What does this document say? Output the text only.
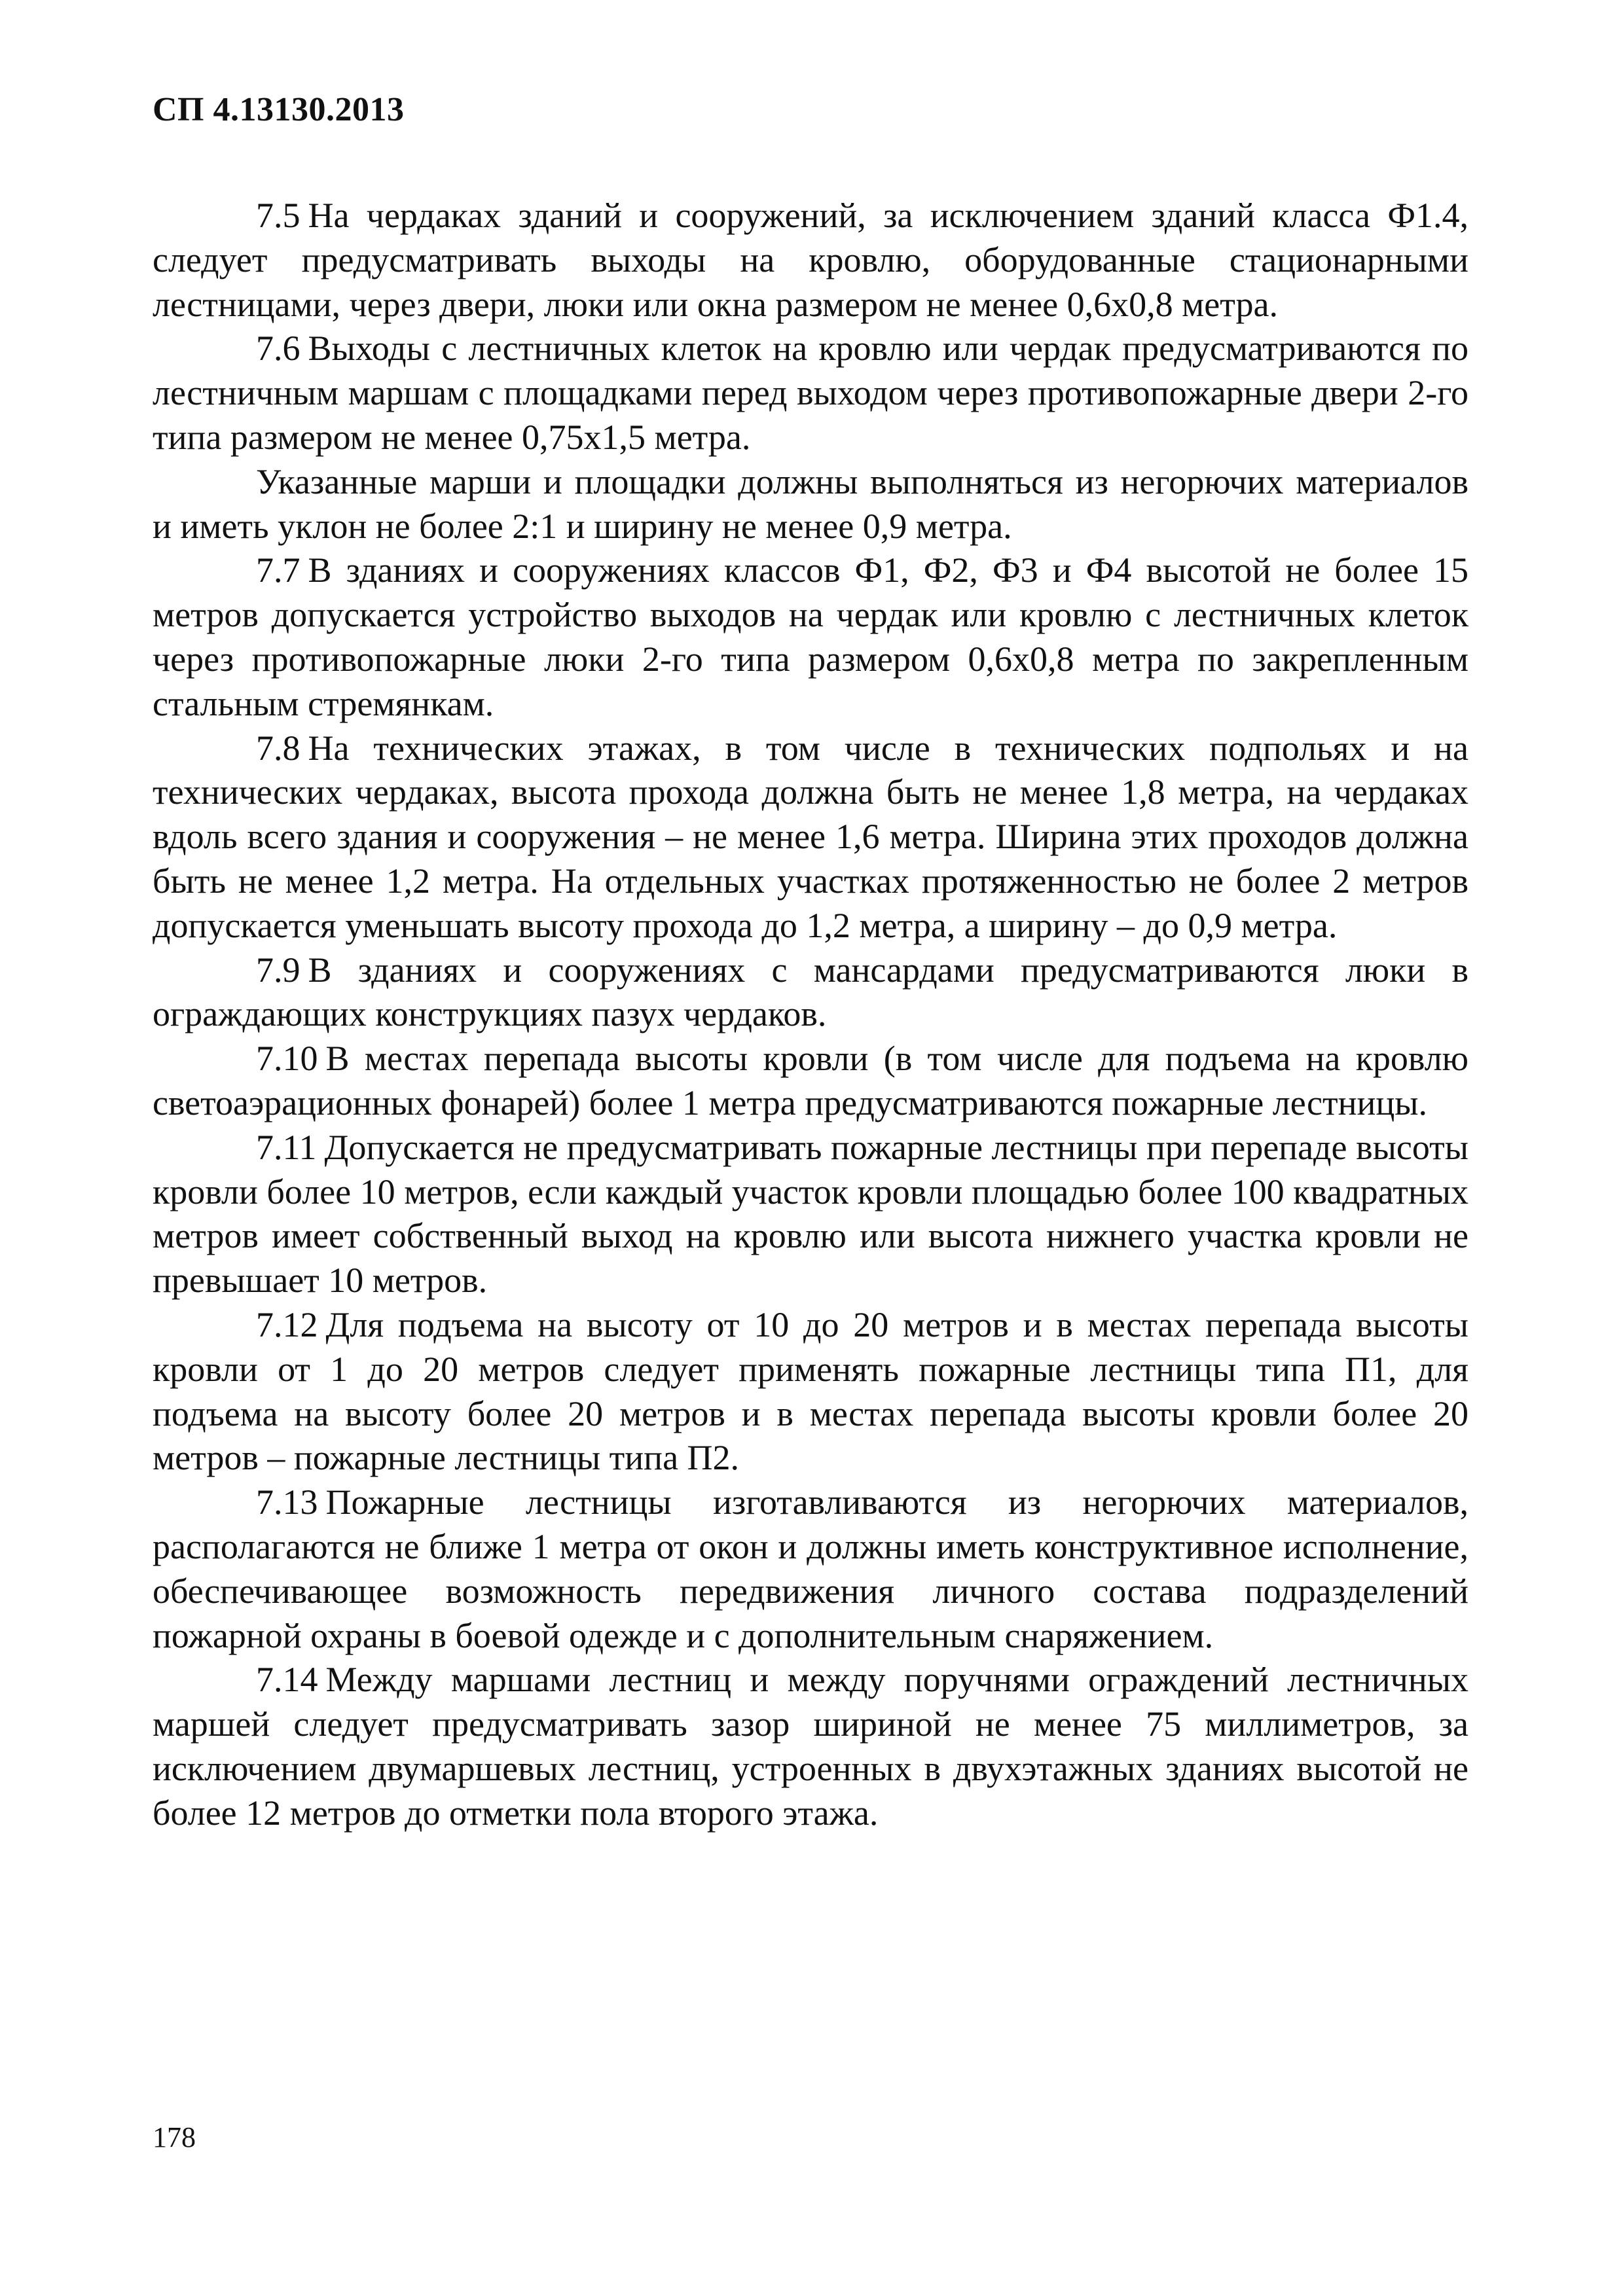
СП 4.13130.2013

7.5 На чердаках зданий и сооружений, за исключением зданий класса Ф1.4, следует предусматривать выходы на кровлю, оборудованные стационарными лестницами, через двери, люки или окна размером не менее 0,6х0,8 метра.

7.6 Выходы с лестничных клеток на кровлю или чердак предусматриваются по лестничным маршам с площадками перед выходом через противопожарные двери 2-го типа размером не менее 0,75х1,5 метра.

Указанные марши и площадки должны выполняться из негорючих материалов и иметь уклон не более 2:1 и ширину не менее 0,9 метра.

7.7 В зданиях и сооружениях классов Ф1, Ф2, Ф3 и Ф4 высотой не более 15 метров допускается устройство выходов на чердак или кровлю с лестничных клеток через противопожарные люки 2-го типа размером 0,6х0,8 метра по закрепленным стальным стремянкам.

7.8 На технических этажах, в том числе в технических подпольях и на технических чердаках, высота прохода должна быть не менее 1,8 метра, на чердаках вдоль всего здания и сооружения – не менее 1,6 метра. Ширина этих проходов должна быть не менее 1,2 метра. На отдельных участках протяженностью не более 2 метров допускается уменьшать высоту прохода до 1,2 метра, а ширину – до 0,9 метра.

7.9 В зданиях и сооружениях с мансардами предусматриваются люки в ограждающих конструкциях пазух чердаков.

7.10 В местах перепада высоты кровли (в том числе для подъема на кровлю светоаэрационных фонарей) более 1 метра предусматриваются пожарные лестницы.

7.11 Допускается не предусматривать пожарные лестницы при перепаде высоты кровли более 10 метров, если каждый участок кровли площадью более 100 квадратных метров имеет собственный выход на кровлю или высота нижнего участка кровли не превышает 10 метров.

7.12 Для подъема на высоту от 10 до 20 метров и в местах перепада высоты кровли от 1 до 20 метров следует применять пожарные лестницы типа П1, для подъема на высоту более 20 метров и в местах перепада высоты кровли более 20 метров – пожарные лестницы типа П2.

7.13 Пожарные лестницы изготавливаются из негорючих материалов, располагаются не ближе 1 метра от окон и должны иметь конструктивное исполнение, обеспечивающее возможность передвижения личного состава подразделений пожарной охраны в боевой одежде и с дополнительным снаряжением.

7.14 Между маршами лестниц и между поручнями ограждений лестничных маршей следует предусматривать зазор шириной не менее 75 миллиметров, за исключением двумаршевых лестниц, устроенных в двухэтажных зданиях высотой не более 12 метров до отметки пола второго этажа.

178
